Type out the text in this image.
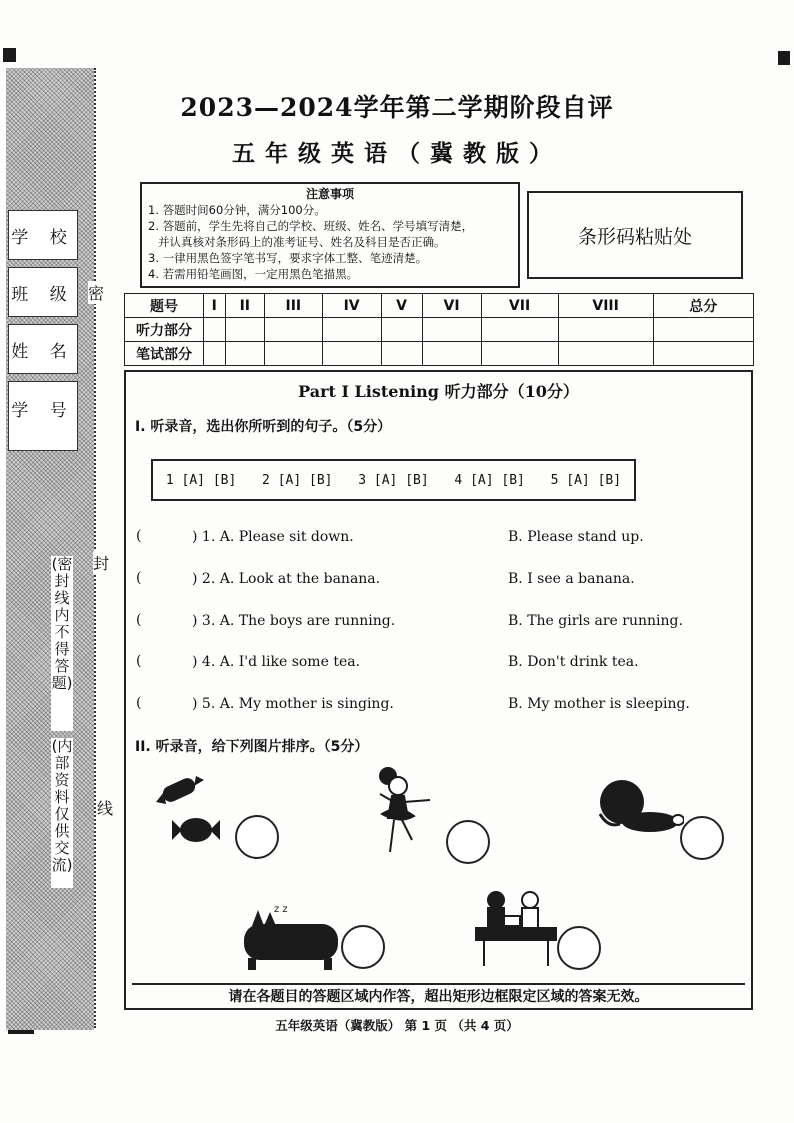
学 校
班 级
姓 名
学 号
密
封
线
(密封线内不得答题)
(内部资料 仅供交流)
2023—2024学年第二学期阶段自评
五年级英语（冀教版）
注意事项
1. 答题时间60分钟，满分100分。
2. 答题前，学生先将自己的学校、班级、姓名、学号填写清楚，
并认真核对条形码上的准考证号、姓名及科目是否正确。
3. 一律用黑色签字笔书写，要求字体工整、笔迹清楚。
4. 若需用铅笔画图，一定用黑色笔描黑。
条形码粘贴处
题号	I	II	III	IV	V	VI	VII	VIII	总分
听力部分									
笔试部分									
Part I Listening 听力部分（10分）
I. 听录音，选出你所听到的句子。（5分）
1 [A] [B] 2 [A] [B] 3 [A] [B] 4 [A] [B] 5 [A] [B]
(	) 1. A. Please sit down.	B. Please stand up.
(	) 2. A. Look at the banana.	B. I see a banana.
(	) 3. A. The boys are running.	B. The girls are running.
(	) 4. A. I'd like some tea.	B. Don't drink tea.
(	) 5. A. My mother is singing.	B. My mother is sleeping.
II. 听录音，给下列图片排序。（5分）
z z
请在各题目的答题区域内作答，超出矩形边框限定区域的答案无效。
五年级英语（冀教版） 第 1 页 （共 4 页）
